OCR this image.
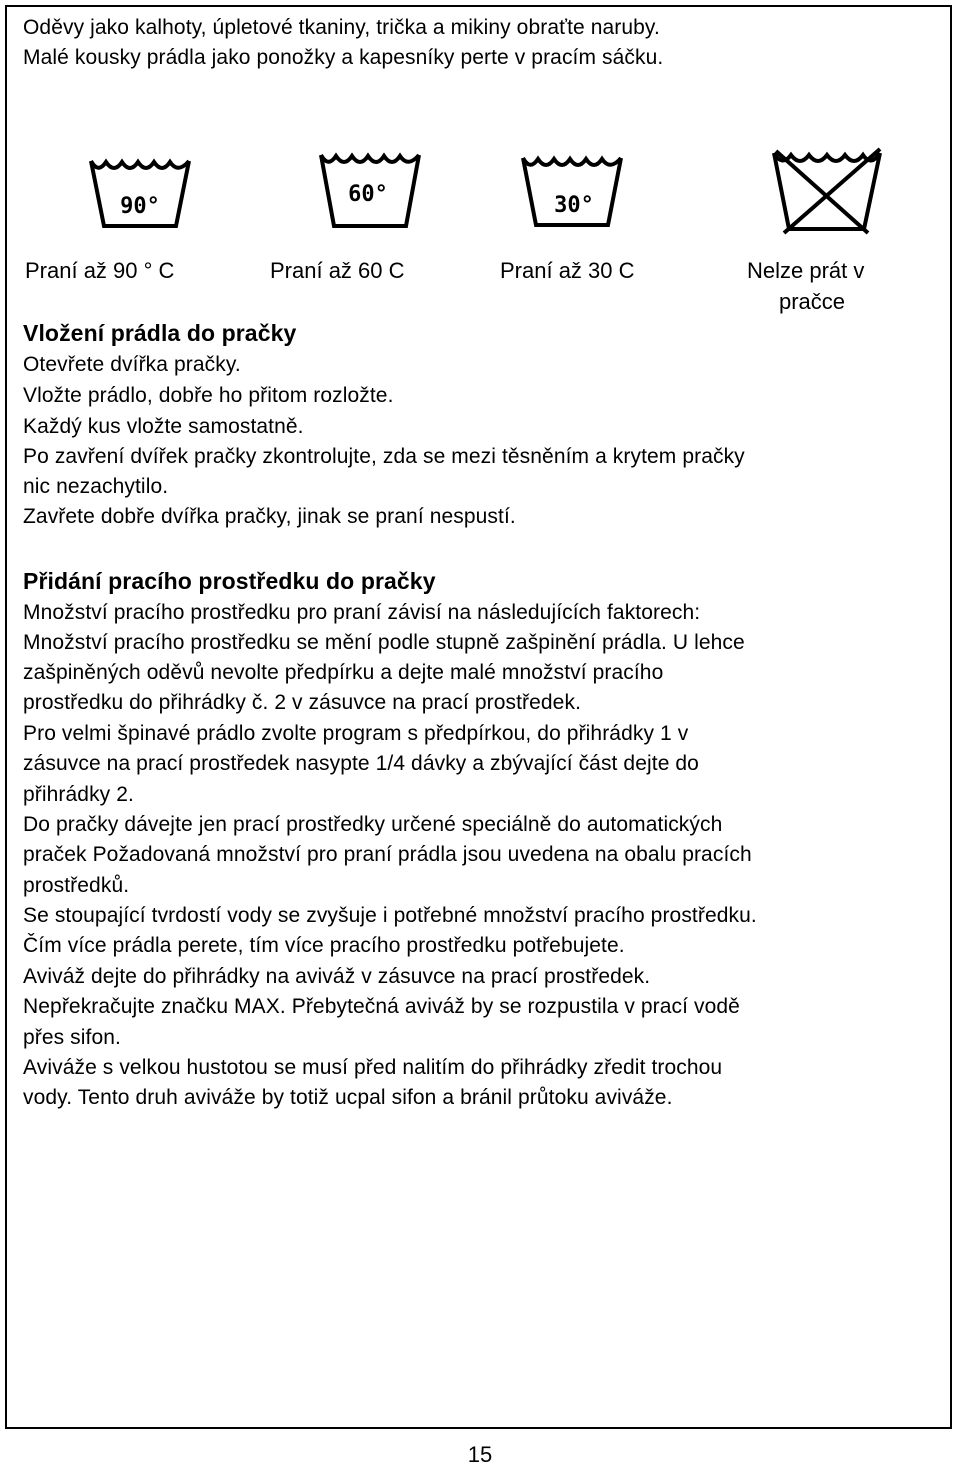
Oděvy jako kalhoty, úpletové tkaniny, trička a mikiny obraťte naruby.
Malé kousky prádla jako ponožky a kapesníky perte v pracím sáčku.
90°	60°	30°
Praní až 90 ° C	Praní až 60 C	Praní až 30 C	Nelze prát v
pračce
Vložení prádla do pračky
Otevřete dvířka pračky.
Vložte prádlo, dobře ho přitom rozložte.
Každý kus vložte samostatně.
Po zavření dvířek pračky zkontrolujte, zda se mezi těsněním a krytem pračky
nic nezachytilo.
Zavřete dobře dvířka pračky, jinak se praní nespustí.
Přidání pracího prostředku do pračky
Množství pracího prostředku pro praní závisí na následujících faktorech:
Množství pracího prostředku se mění podle stupně zašpinění prádla. U lehce
zašpiněných oděvů nevolte předpírku a dejte malé množství pracího
prostředku do přihrádky č. 2 v zásuvce na prací prostředek.
Pro velmi špinavé prádlo zvolte program s předpírkou, do přihrádky 1 v
zásuvce na prací prostředek nasypte 1/4 dávky a zbývající část dejte do
přihrádky 2.
Do pračky dávejte jen prací prostředky určené speciálně do automatických
praček Požadovaná množství pro praní prádla jsou uvedena na obalu pracích
prostředků.
Se stoupající tvrdostí vody se zvyšuje i potřebné množství pracího prostředku.
Čím více prádla perete, tím více pracího prostředku potřebujete.
Aviváž dejte do přihrádky na aviváž v zásuvce na prací prostředek.
Nepřekračujte značku MAX. Přebytečná aviváž by se rozpustila v prací vodě
přes sifon.
Aviváže s velkou hustotou se musí před nalitím do přihrádky zředit trochou
vody. Tento druh aviváže by totiž ucpal sifon a bránil průtoku aviváže.
15
